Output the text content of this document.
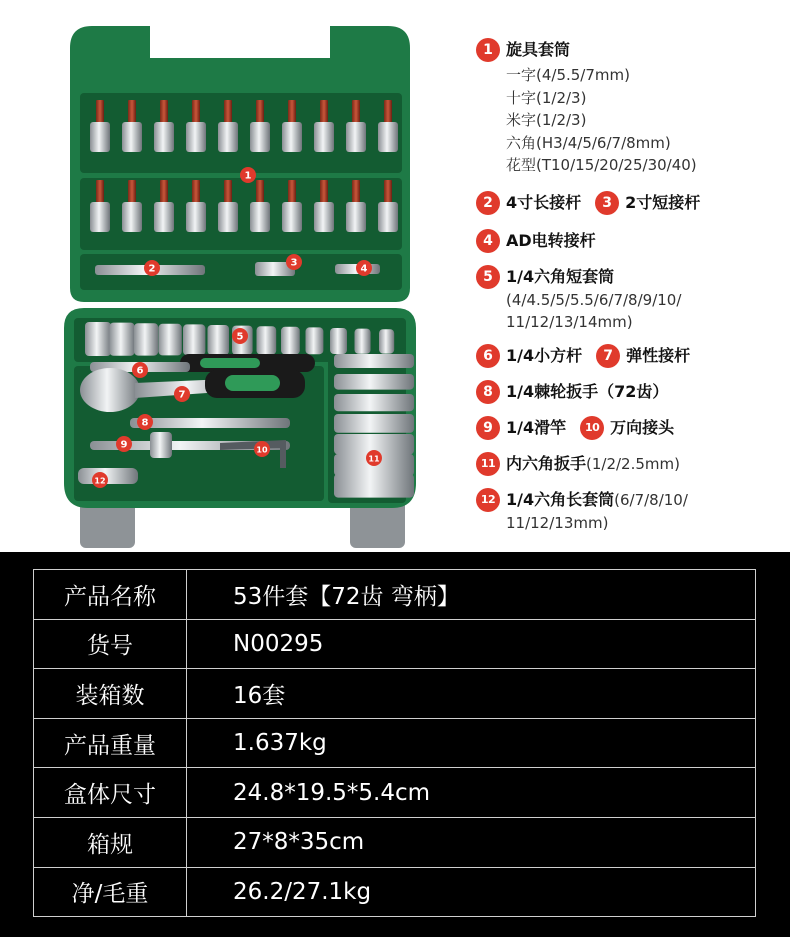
1
2
3
4
5
6
7
8
9	10
11
12
1 旋具套筒
一字(4/5.5/7mm)
十字(1/2/3)
米字(1/2/3)
六角(H3/4/5/6/7/8mm)
花型(T10/15/20/25/30/40)
2 4寸长接杆	3 2寸短接杆
4 AD电转接杆
5 1/4六角短套筒
(4/4.5/5/5.5/6/7/8/9/10/
11/12/13/14mm)
6 1/4小方杆	7 弹性接杆
8 1/4棘轮扳手（72齿）
9 1/4滑竿	10 万向接头
11 内六角扳手 (1/2/2.5mm)
12 1/4六角长套筒 (6/7/8/10/
11/12/13mm)
产品名称	53件套【72齿 弯柄】
货号	N00295
装箱数	16套
产品重量	1.637kg
盒体尺寸	24.8*19.5*5.4cm
箱规	27*8*35cm
净/毛重	26.2/27.1kg
